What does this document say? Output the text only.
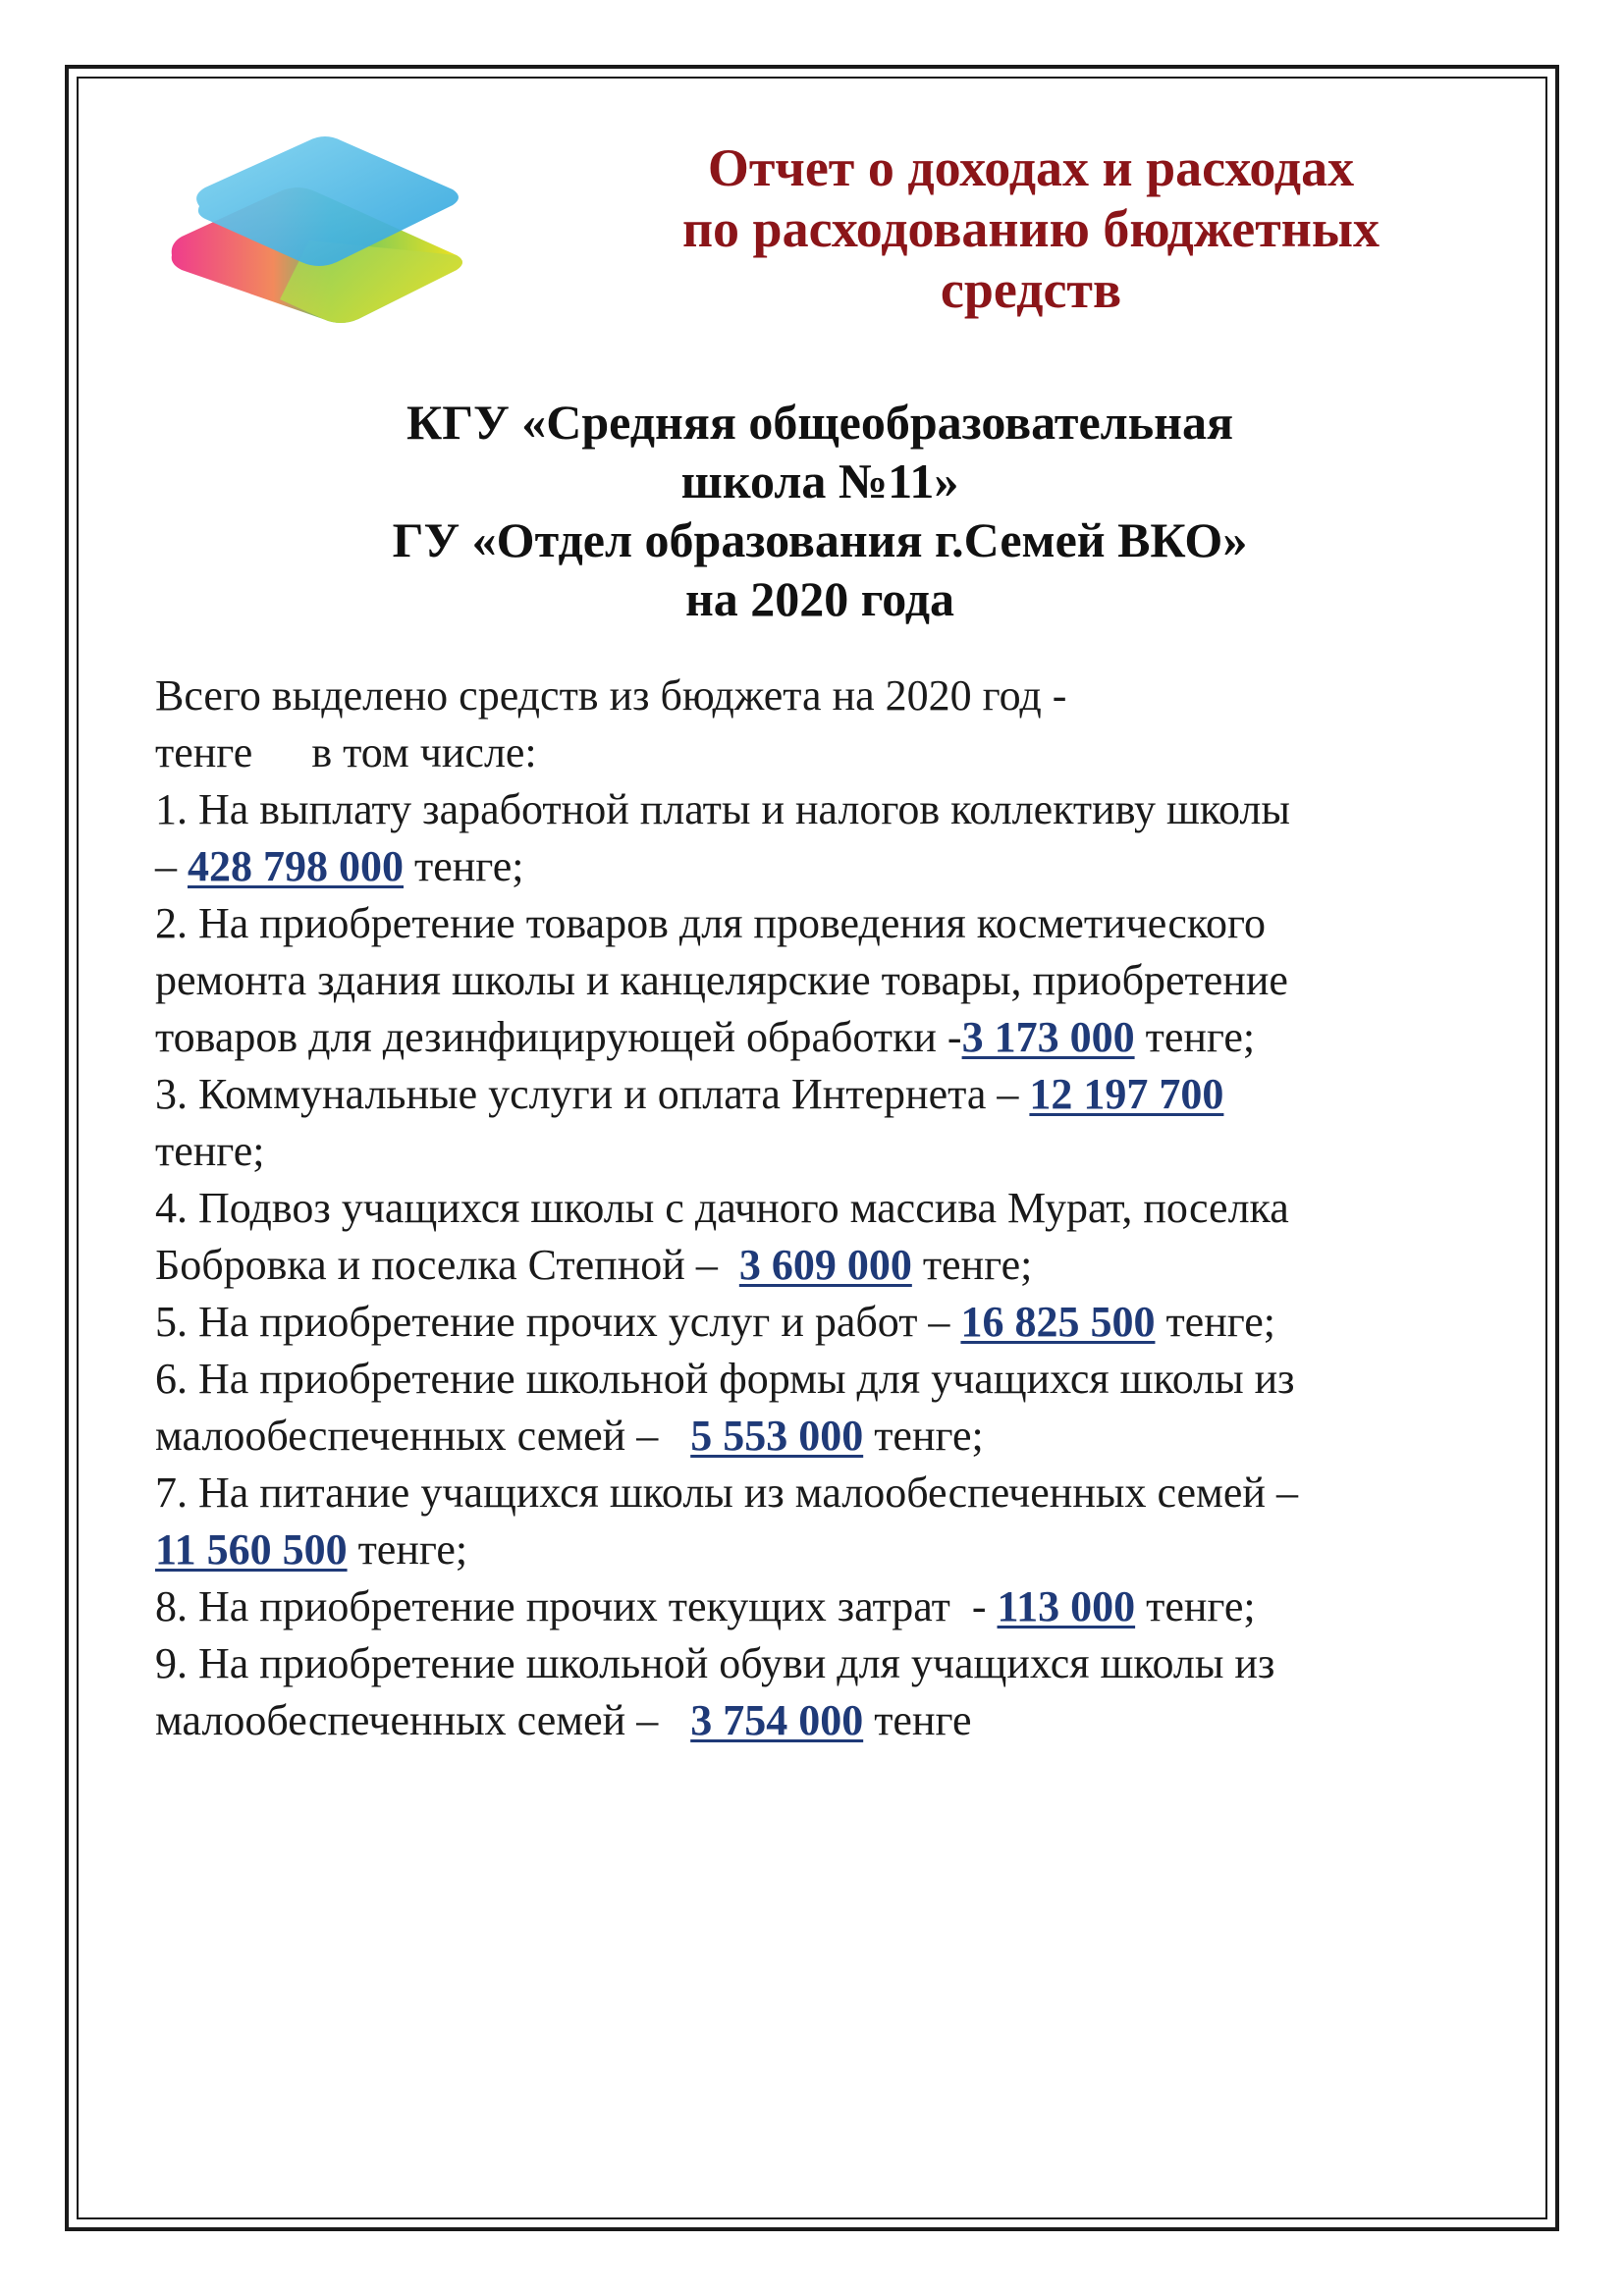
Отчет о доходах и расходах
по расходованию бюджетных
средств
КГУ «Средняя общеобразовательная
школа №11»
ГУ «Отдел образования г.Семей ВКО»
на 2020 года
Всего выделено средств из бюджета на 2020 год -
тенге в том числе:
1. На выплату заработной платы и налогов коллективу школы
– 428 798 000 тенге;
2. На приобретение товаров для проведения косметического
ремонта здания школы и канцелярские товары, приобретение
товаров для дезинфицирующей обработки -3 173 000 тенге;
3. Коммунальные услуги и оплата Интернета – 12 197 700
тенге;
4. Подвоз учащихся школы с дачного массива Мурат, поселка
Бобровка и поселка Степной –  3 609 000 тенге;
5. На приобретение прочих услуг и работ – 16 825 500 тенге;
6. На приобретение школьной формы для учащихся школы из
малообеспеченных семей –   5 553 000 тенге;
7. На питание учащихся школы из малообеспеченных семей –
11 560 500 тенге;
8. На приобретение прочих текущих затрат  - 113 000 тенге;
9. На приобретение школьной обуви для учащихся школы из
малообеспеченных семей –   3 754 000 тенге
